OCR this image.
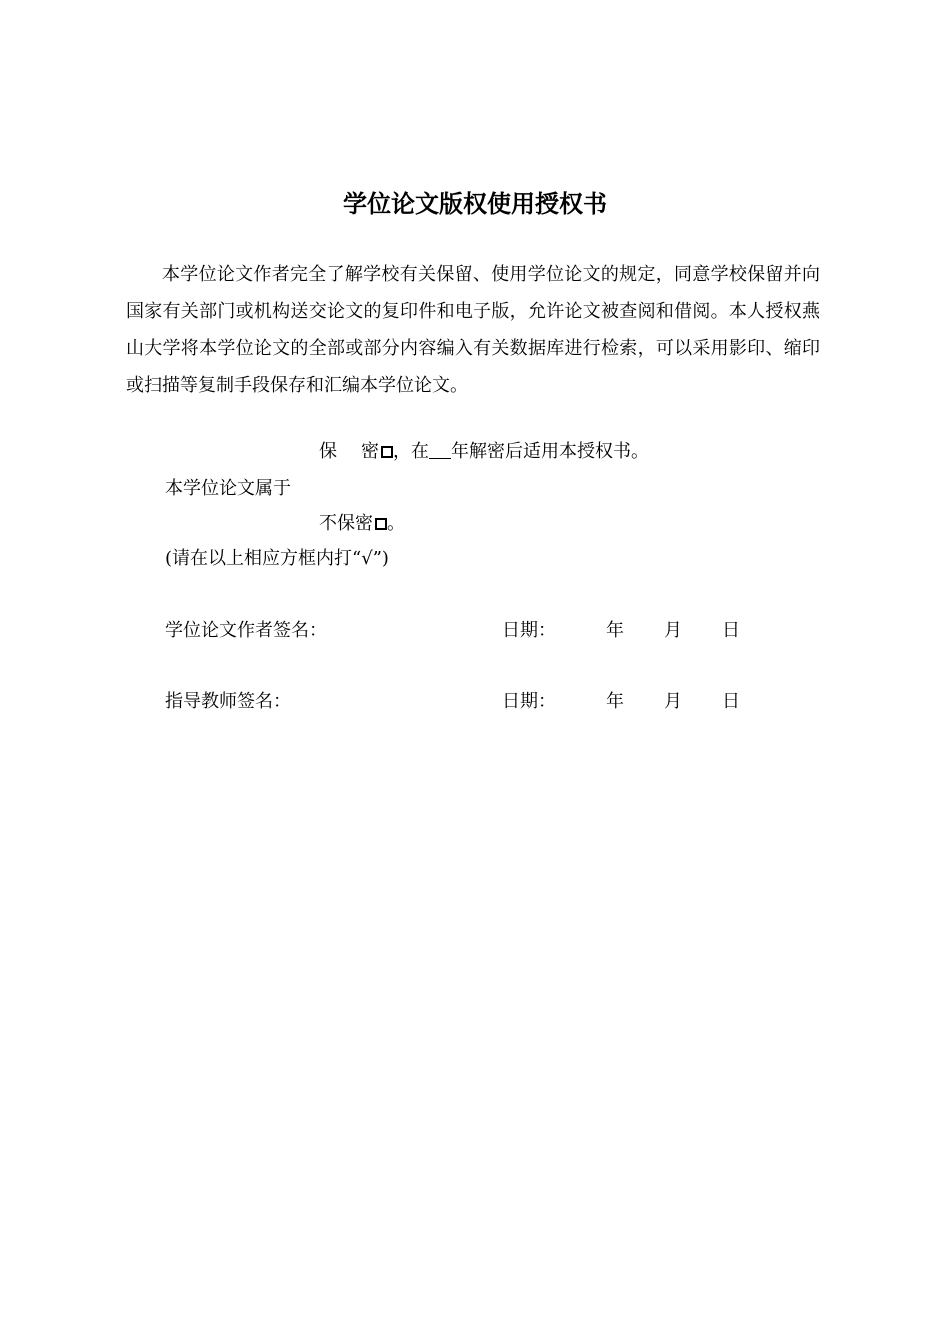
学位论文版权使用授权书

本学位论文作者完全了解学校有关保留、使用学位论文的规定，同意学校保留并向国家有关部门或机构送交论文的复印件和电子版，允许论文被查阅和借阅。本人授权燕山大学将本学位论文的全部或部分内容编入有关数据库进行检索，可以采用影印、缩印或扫描等复制手段保存和汇编本学位论文。

保 密 ，在 年解密后适用本授权书。
本学位论文属于
不保密 。
(请在以上相应方框内打“√”)
学位论文作者签名：	日期：	年 月 日
指导教师签名：	日期：	年 月 日
